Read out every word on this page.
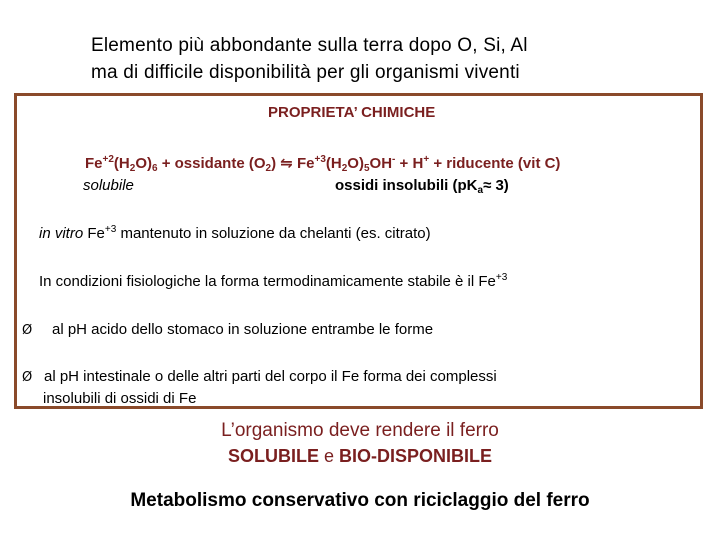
Elemento più abbondante sulla terra dopo O, Si, Al
ma di difficile disponibilità per gli organismi viventi
PROPRIETA’ CHIMICHE
$Fe^{+2}(H_2O)_6$ + ossidante $(O_2)$ ⇋ $Fe^{+3}(H_2O)_5OH^- + H^+$ + riducente (vit C)
solubile	ossidi insolubili $(pK_a\approx 3)$
in vitro $Fe^{+3}$ mantenuto in soluzione da chelanti (es. citrato)
In condizioni fisiologiche la forma termodinamicamente stabile è il $Fe^{+3}$
Ø al pH acido dello stomaco in soluzione entrambe le forme
Ø al pH intestinale o delle altri parti del corpo il Fe forma dei complessi
insolubili di ossidi di Fe
L’organismo deve rendere il ferro
SOLUBILE e BIO-DISPONIBILE
Metabolismo conservativo con riciclaggio del ferro
